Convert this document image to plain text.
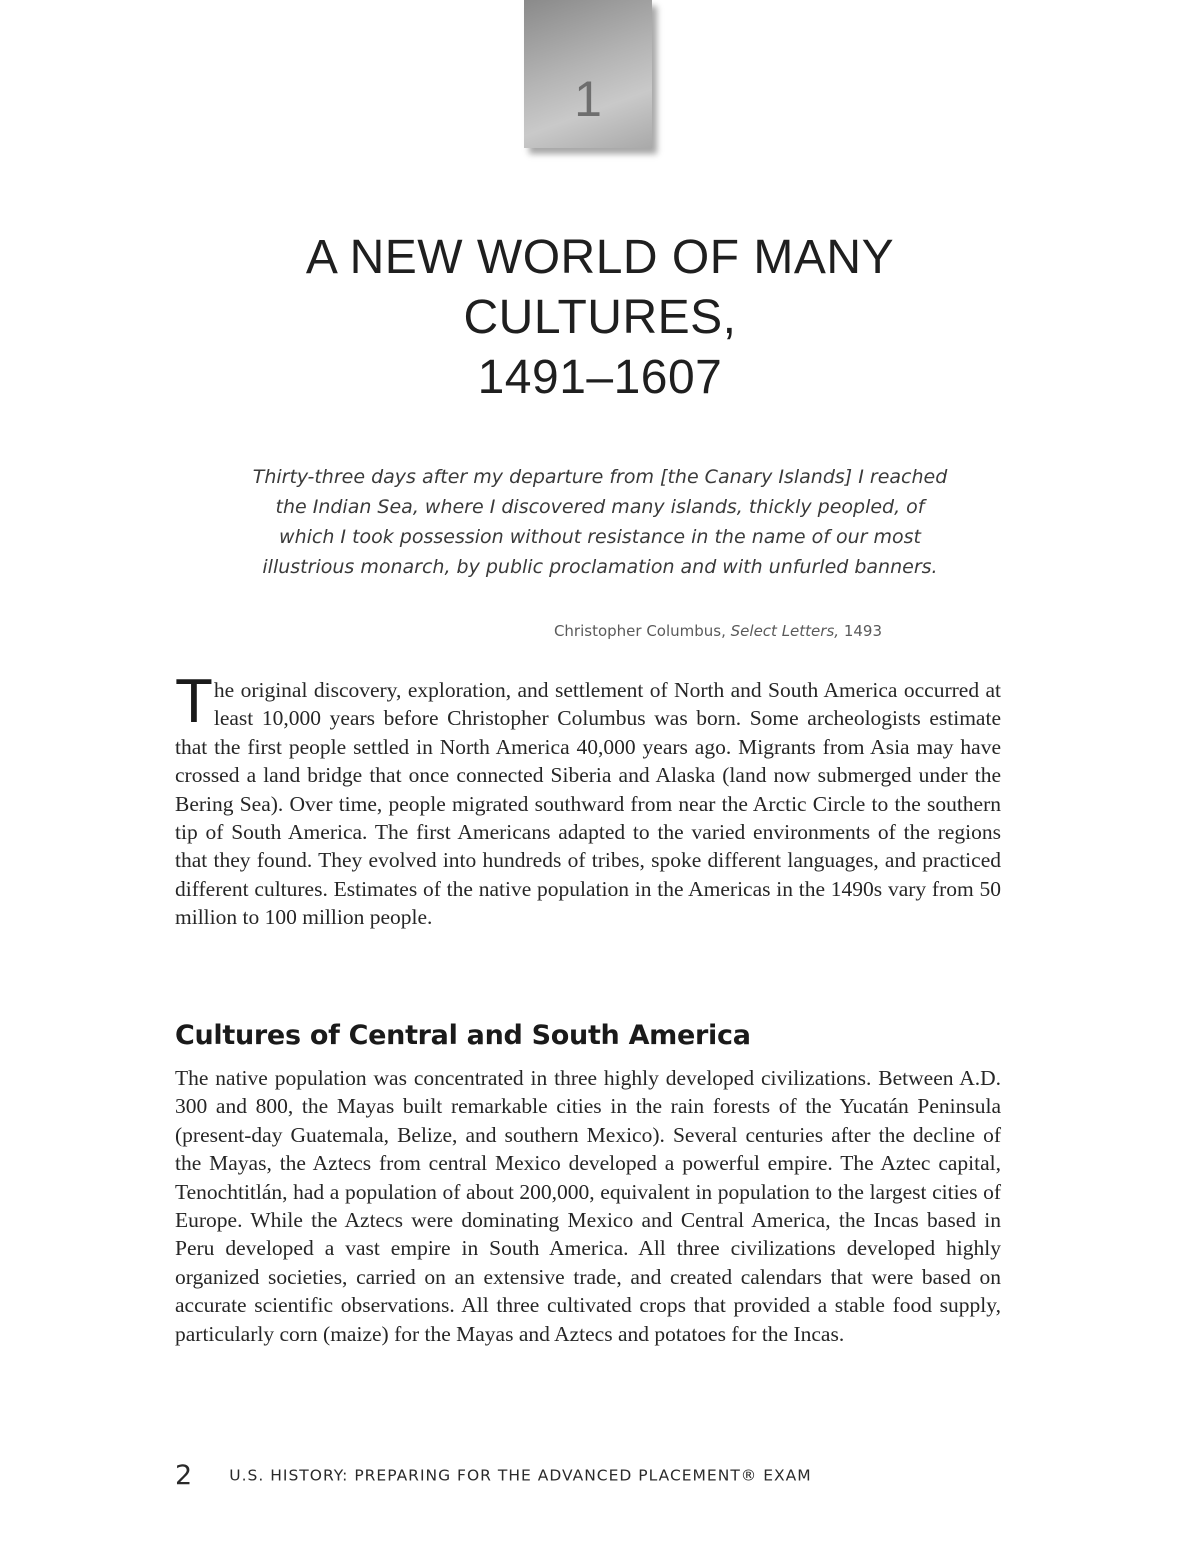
1
A NEW WORLD OF MANY
CULTURES,
1491–1607

Thirty-three days after my departure from [the Canary Islands] I reached the Indian Sea, where I discovered many islands, thickly peopled, of which I took possession without resistance in the name of our most illustrious monarch, by public proclamation and with unfurled banners.

Christopher Columbus, Select Letters, 1493

T he original discovery, exploration, and settlement of North and South America occurred at least 10,000 years before Christopher Columbus was born. Some archeologists estimate that the first people settled in North America 40,000 years ago. Migrants from Asia may have crossed a land bridge that once connected Siberia and Alaska (land now submerged under the Bering Sea). Over time, people migrated southward from near the Arctic Circle to the southern tip of South America. The first Americans adapted to the varied environments of the regions that they found. They evolved into hundreds of tribes, spoke different languages, and practiced different cultures. Estimates of the native population in the Americas in the 1490s vary from 50 million to 100 million people.

Cultures of Central and South America

The native population was concentrated in three highly developed civilizations. Between A.D. 300 and 800, the Mayas built remarkable cities in the rain forests of the Yucatán Peninsula (present-day Guatemala, Belize, and southern Mexico). Several centuries after the decline of the Mayas, the Aztecs from central Mexico developed a powerful empire. The Aztec capital, Tenochtitlán, had a population of about 200,000, equivalent in population to the largest cities of Europe. While the Aztecs were dominating Mexico and Central America, the Incas based in Peru developed a vast empire in South America. All three civilizations developed highly organized societies, carried on an extensive trade, and created calendars that were based on accurate scientific observations. All three cultivated crops that provided a stable food supply, particularly corn (maize) for the Mayas and Aztecs and potatoes for the Incas.

2 U.S. HISTORY: PREPARING FOR THE ADVANCED PLACEMENT® EXAM
